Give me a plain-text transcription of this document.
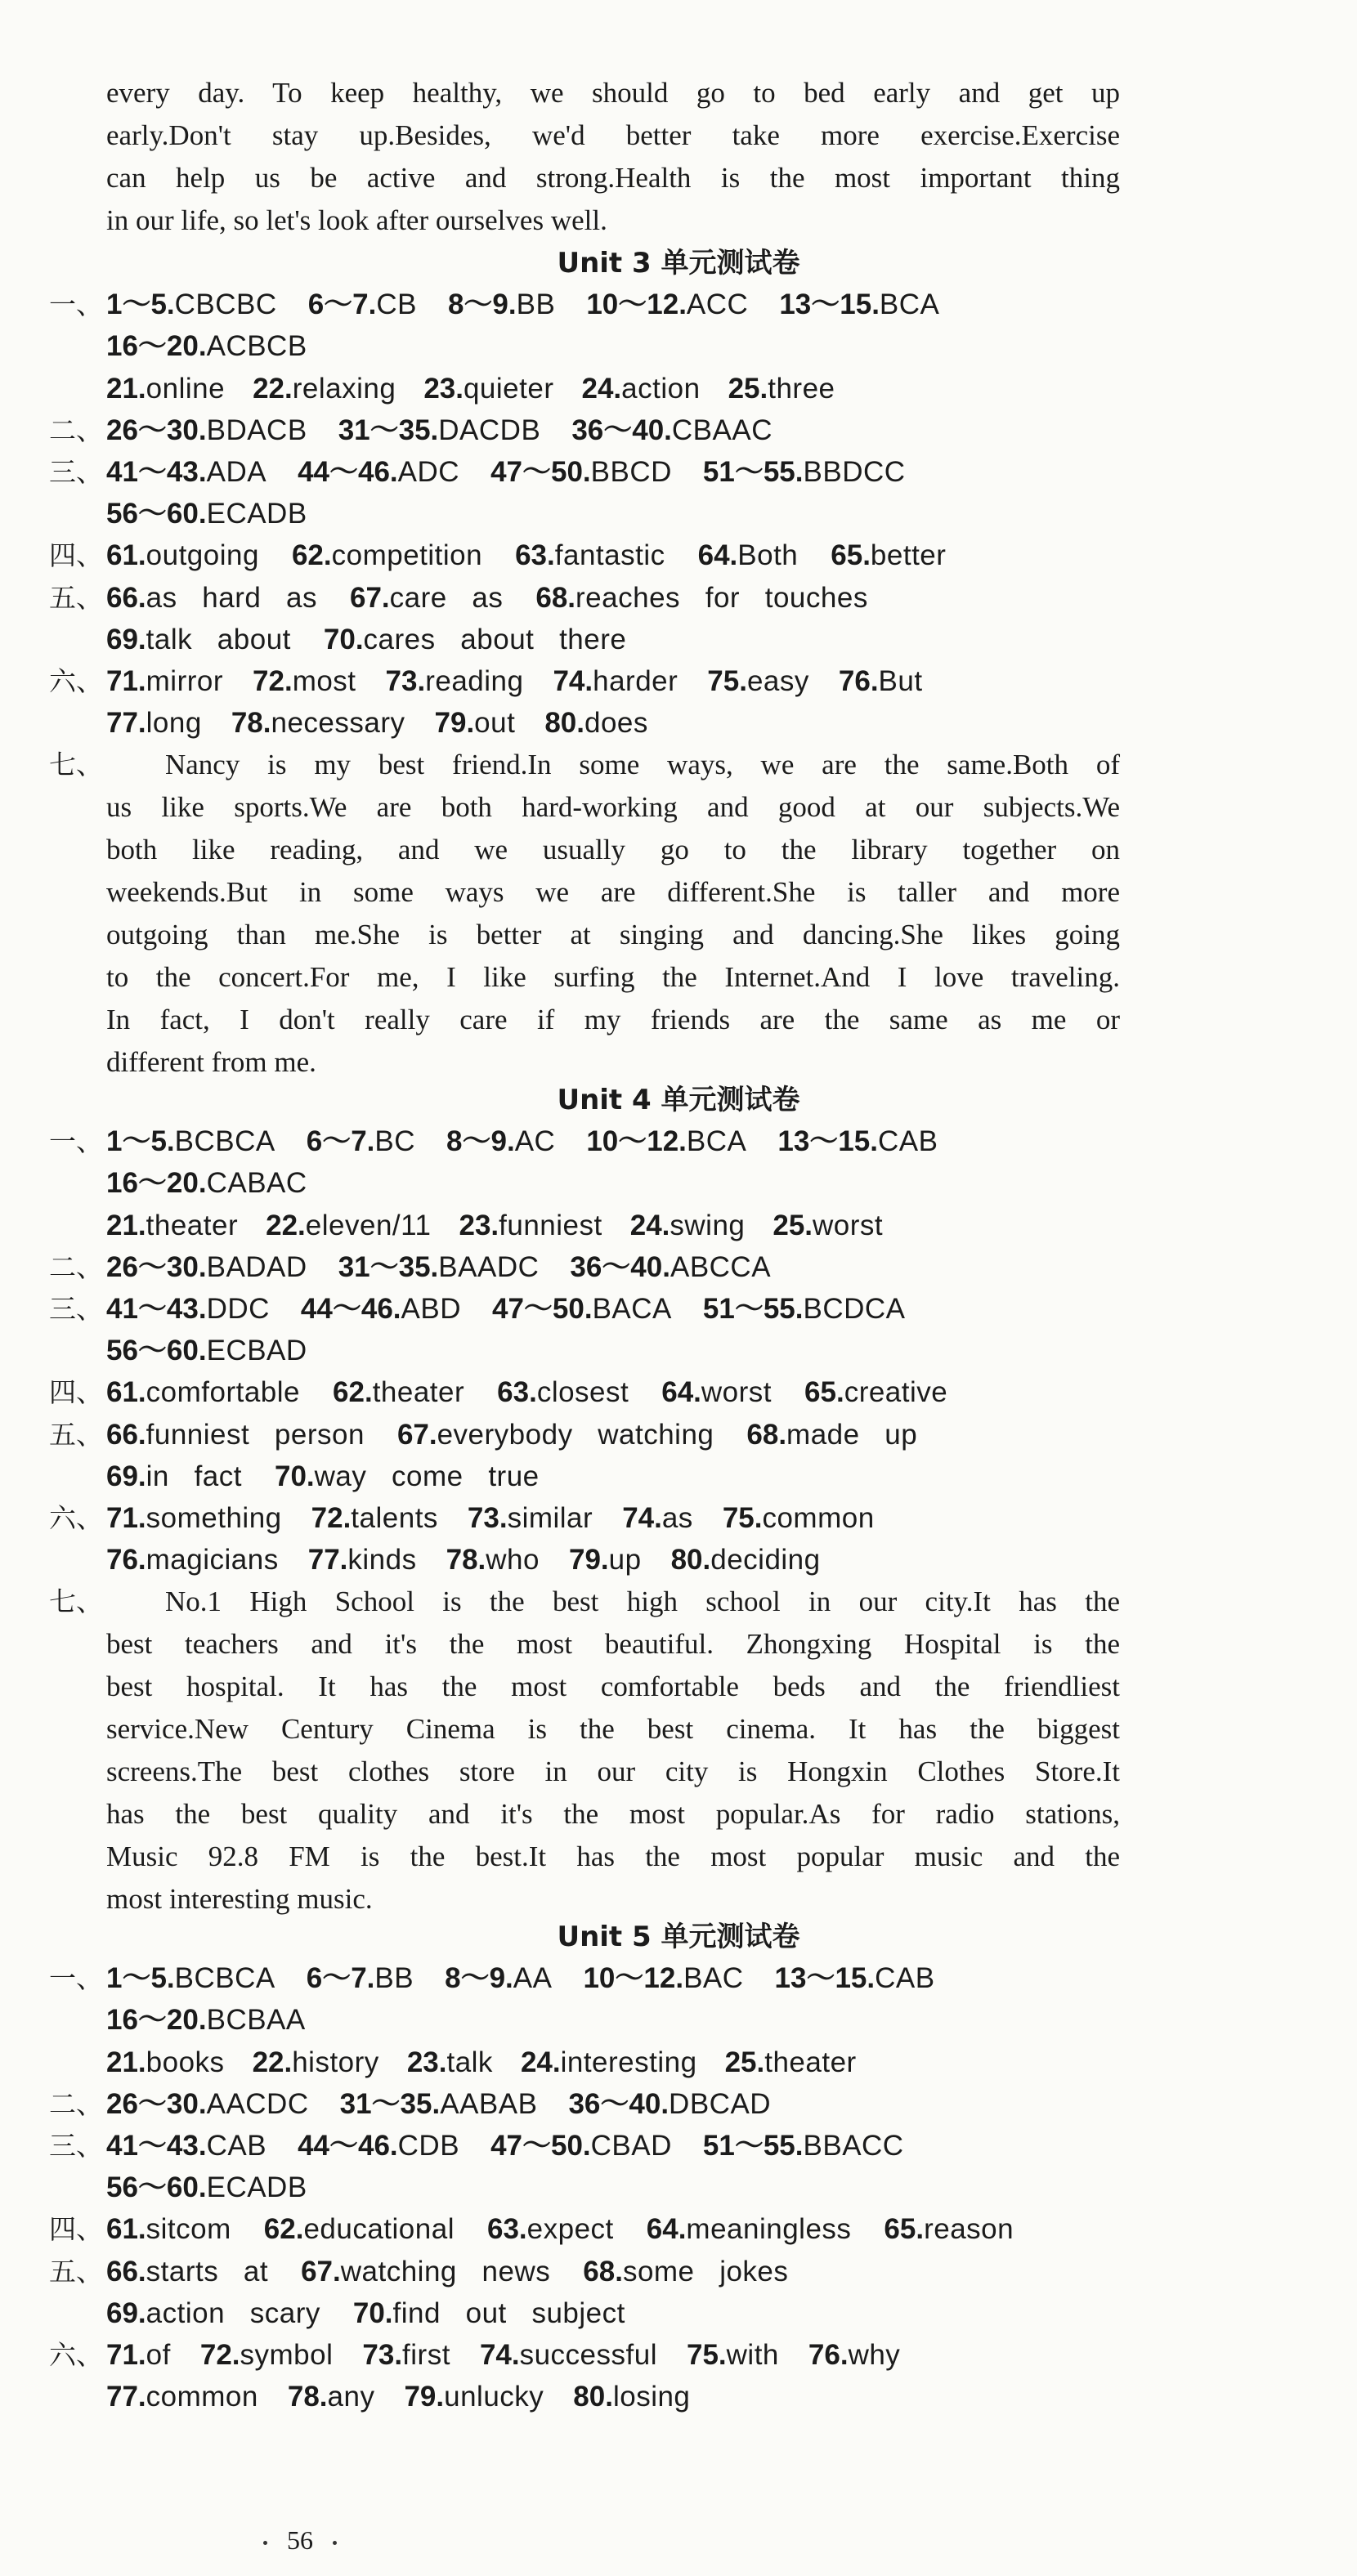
every day. To keep healthy, we should go to bed early and get up
early.Don't stay up.Besides, we'd better take more exercise.Exercise
can help us be active and strong.Health is the most important thing
in our life, so let's look after ourselves well.
Unit 3 单元测试卷
一、 1～5.CBCBC 6～7.CB 8～9.BB 10～12.ACC 13～15.BCA
16～20.ACBCB
21.online 22.relaxing 23.quieter 24.action 25.three
二、 26～30.BDACB 31～35.DACDB 36～40.CBAAC
三、 41～43.ADA 44～46.ADC 47～50.BBCD 51～55.BBDCC
56～60.ECADB
四、 61.outgoing 62.competition 63.fantastic 64.Both 65.better
五、 66.as   hard   as 67.care   as 68.reaches   for   touches
69.talk   about 70.cares   about   there
六、 71.mirror 72.most 73.reading 74.harder 75.easy 76.But
77.long 78.necessary 79.out 80.does
七、	Nancy is my best friend.In some ways, we are the same.Both of
us like sports.We are both hard-working and good at our subjects.We
both like reading, and we usually go to the library together on
weekends.But in some ways we are different.She is taller and more
outgoing than me.She is better at singing and dancing.She likes going
to the concert.For me, I like surfing the Internet.And I love traveling.
In fact, I don't really care if my friends are the same as me or
different from me.
Unit 4 单元测试卷
一、 1～5.BCBCA 6～7.BC 8～9.AC 10～12.BCA 13～15.CAB
16～20.CABAC
21.theater 22.eleven/11 23.funniest 24.swing 25.worst
二、 26～30.BADAD 31～35.BAADC 36～40.ABCCA
三、 41～43.DDC 44～46.ABD 47～50.BACA 51～55.BCDCA
56～60.ECBAD
四、 61.comfortable 62.theater 63.closest 64.worst 65.creative
五、 66.funniest   person 67.everybody   watching 68.made   up
69.in   fact 70.way   come   true
六、 71.something 72.talents 73.similar 74.as 75.common
76.magicians 77.kinds 78.who 79.up 80.deciding
七、	No.1 High School is the best high school in our city.It has the
best teachers and it's the most beautiful. Zhongxing Hospital is the
best hospital. It has the most comfortable beds and the friendliest
service.New Century Cinema is the best cinema. It has the biggest
screens.The best clothes store in our city is Hongxin Clothes Store.It
has the best quality and it's the most popular.As for radio stations,
Music 92.8 FM is the best.It has the most popular music and the
most interesting music.
Unit 5 单元测试卷
一、 1～5.BCBCA 6～7.BB 8～9.AA 10～12.BAC 13～15.CAB
16～20.BCBAA
21.books 22.history 23.talk 24.interesting 25.theater
二、 26～30.AACDC 31～35.AABAB 36～40.DBCAD
三、 41～43.CAB 44～46.CDB 47～50.CBAD 51～55.BBACC
56～60.ECADB
四、 61.sitcom 62.educational 63.expect 64.meaningless 65.reason
五、 66.starts   at 67.watching   news 68.some   jokes
69.action   scary 70.find   out   subject
六、 71.of 72.symbol 73.first 74.successful 75.with 76.why
77.common 78.any 79.unlucky 80.losing
56
